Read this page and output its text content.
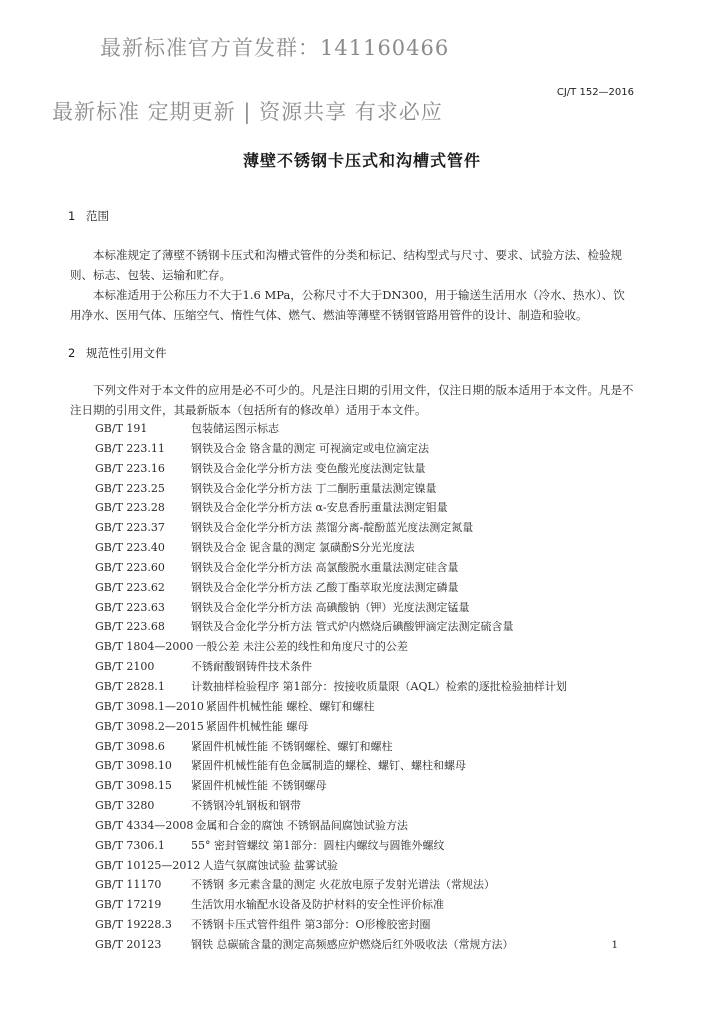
最新标准官方首发群：141160466
最新标准 定期更新 | 资源共享 有求必应
CJ/T 152—2016
薄壁不锈钢卡压式和沟槽式管件
1 范围

本标准规定了薄壁不锈钢卡压式和沟槽式管件的分类和标记、结构型式与尺寸、要求、试验方法、检验规则、标志、包装、运输和贮存。

本标准适用于公称压力不大于1.6 MPa，公称尺寸不大于DN300，用于输送生活用水（冷水、热水）、饮用净水、医用气体、压缩空气、惰性气体、燃气、燃油等薄壁不锈钢管路用管件的设计、制造和验收。

2 规范性引用文件

下列文件对于本文件的应用是必不可少的。凡是注日期的引用文件，仅注日期的版本适用于本文件。凡是不注日期的引用文件，其最新版本（包括所有的修改单）适用于本文件。

GB/T 191	包装储运图示标志
GB/T 223.11 钢铁及合金 铬含量的测定 可视滴定或电位滴定法
GB/T 223.16 钢铁及合金化学分析方法 变色酸光度法测定钛量
GB/T 223.25 钢铁及合金化学分析方法 丁二酮肟重量法测定镍量
GB/T 223.28 钢铁及合金化学分析方法 α-安息香肟重量法测定钼量
GB/T 223.37 钢铁及合金化学分析方法 蒸馏分离-靛酚蓝光度法测定氮量
GB/T 223.40 钢铁及合金 铌含量的测定 氯磺酚S分光光度法
GB/T 223.60 钢铁及合金化学分析方法 高氯酸脱水重量法测定硅含量
GB/T 223.62 钢铁及合金化学分析方法 乙酸丁酯萃取光度法测定磷量
GB/T 223.63 钢铁及合金化学分析方法 高碘酸钠（钾）光度法测定锰量
GB/T 223.68 钢铁及合金化学分析方法 管式炉内燃烧后碘酸钾滴定法测定硫含量
GB/T 1804—2000 一般公差 未注公差的线性和角度尺寸的公差
GB/T 2100	不锈耐酸钢铸件技术条件
GB/T 2828.1 计数抽样检验程序 第1部分：按接收质量限（AQL）检索的逐批检验抽样计划
GB/T 3098.1—2010 紧固件机械性能 螺栓、螺钉和螺柱
GB/T 3098.2—2015 紧固件机械性能 螺母
GB/T 3098.6 紧固件机械性能 不锈钢螺栓、螺钉和螺柱
GB/T 3098.10 紧固件机械性能有色金属制造的螺栓、螺钉、螺柱和螺母
GB/T 3098.15 紧固件机械性能 不锈钢螺母
GB/T 3280	不锈钢冷轧钢板和钢带
GB/T 4334—2008 金属和合金的腐蚀 不锈钢晶间腐蚀试验方法
GB/T 7306.1 55° 密封管螺纹 第1部分：圆柱内螺纹与圆锥外螺纹
GB/T 10125—2012 人造气氛腐蚀试验 盐雾试验
GB/T 11170	不锈钢 多元素含量的测定 火花放电原子发射光谱法（常规法）
GB/T 17219	生活饮用水输配水设备及防护材料的安全性评价标准
GB/T 19228.3 不锈钢卡压式管件组件 第3部分：O形橡胶密封圈
GB/T 20123	钢铁 总碳硫含量的测定高频感应炉燃烧后红外吸收法（常规方法）	1
